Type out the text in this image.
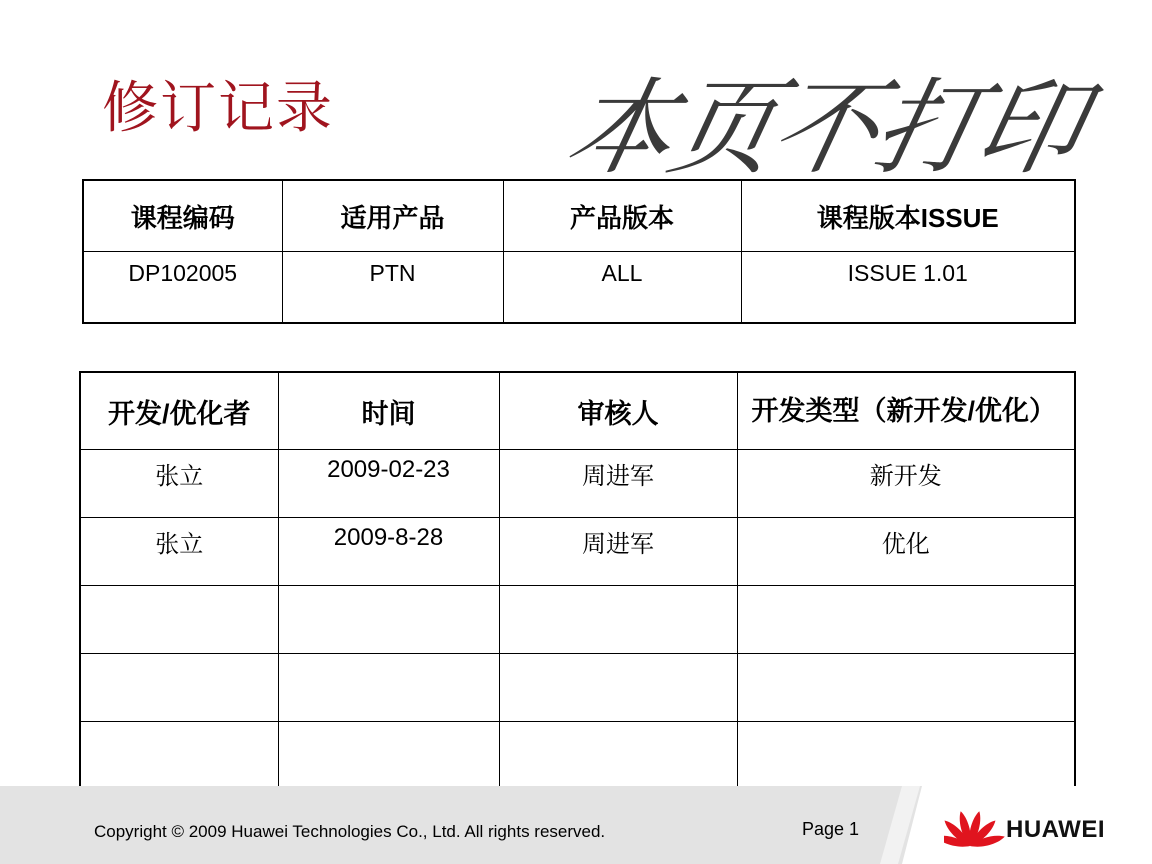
修订记录 本页不打印
课程编码	适用产品	产品版本	课程版本ISSUE
DP102005	PTN	ALL	ISSUE 1.01
开发/优化者	时间	审核人	开发类型（新开发/优化）
张立	2009-02-23	周进军	新开发
张立	2009-8-28	周进军	优化

Copyright © 2009 Huawei Technologies Co., Ltd. All rights reserved.	Page 1	HUAWEI
